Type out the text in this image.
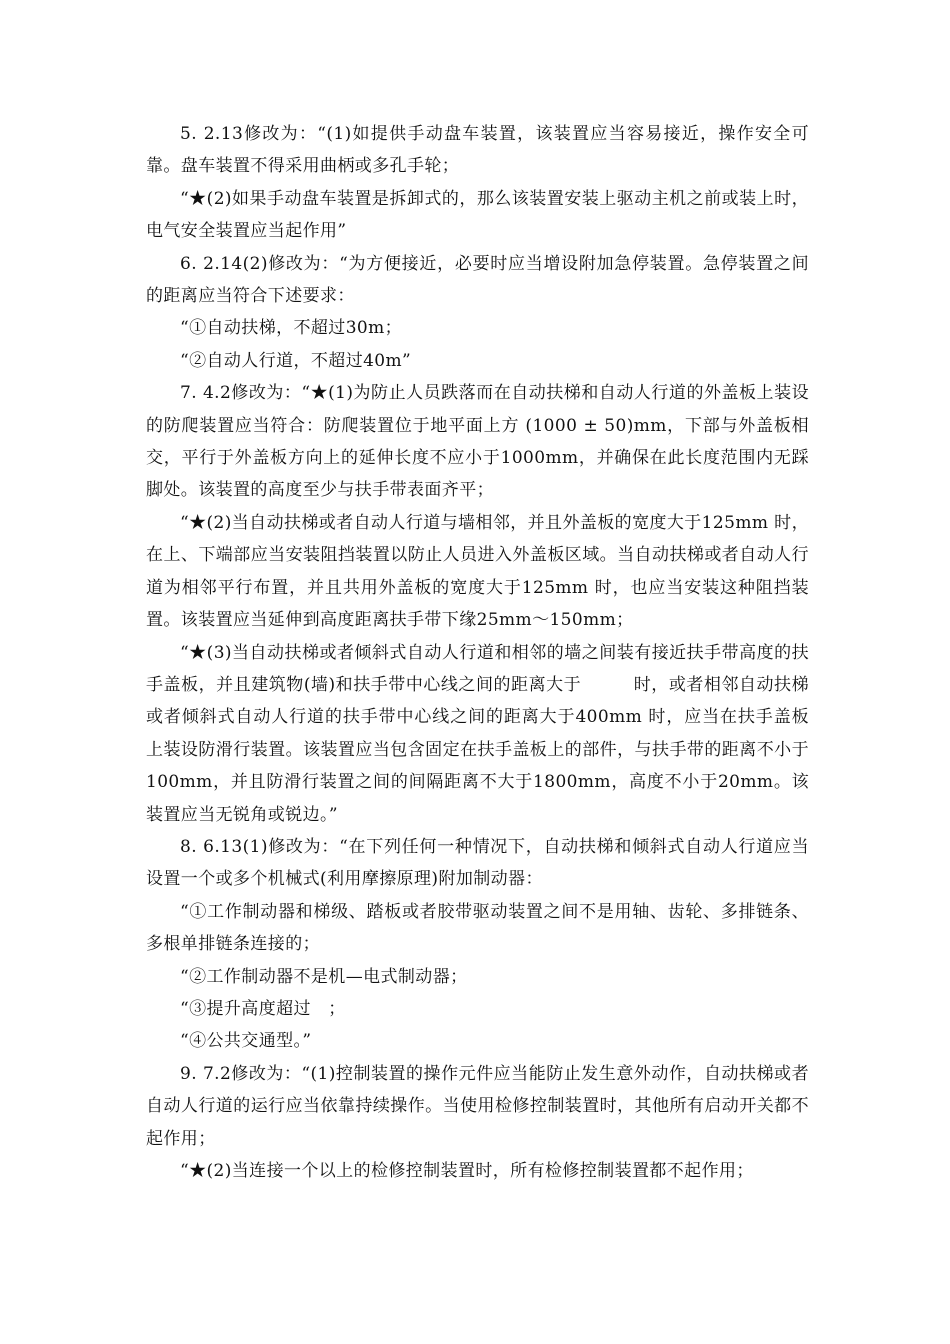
5. 2.13修改为：“(1)如提供手动盘车装置，该装置应当容易接近，操作安全可靠。盘车装置不得采用曲柄或多孔手轮；

“★(2)如果手动盘车装置是拆卸式的，那么该装置安装上驱动主机之前或装上时，电气安全装置应当起作用”

6. 2.14(2)修改为：“为方便接近，必要时应当增设附加急停装置。急停装置之间的距离应当符合下述要求：

“①自动扶梯，不超过30m；

“②自动人行道，不超过40m”

7. 4.2修改为：“★(1)为防止人员跌落而在自动扶梯和自动人行道的外盖板上装设的防爬装置应当符合：防爬装置位于地平面上方 (1000 ± 50)mm，下部与外盖板相交，平行于外盖板方向上的延伸长度不应小于1000mm，并确保在此长度范围内无踩脚处。该装置的高度至少与扶手带表面齐平；

“★(2)当自动扶梯或者自动人行道与墙相邻，并且外盖板的宽度大于125mm 时，在上、下端部应当安装阻挡装置以防止人员进入外盖板区域。当自动扶梯或者自动人行道为相邻平行布置，并且共用外盖板的宽度大于125mm 时，也应当安装这种阻挡装置。该装置应当延伸到高度距离扶手带下缘25mm～150mm；

“★(3)当自动扶梯或者倾斜式自动人行道和相邻的墙之间装有接近扶手带高度的扶手盖板，并且建筑物(墙)和扶手带中心线之间的距离大于　　　时，或者相邻自动扶梯或者倾斜式自动人行道的扶手带中心线之间的距离大于400mm 时，应当在扶手盖板上装设防滑行装置。该装置应当包含固定在扶手盖板上的部件，与扶手带的距离不小于100mm，并且防滑行装置之间的间隔距离不大于1800mm，高度不小于20mm。该装置应当无锐角或锐边。”

8. 6.13(1)修改为：“在下列任何一种情况下，自动扶梯和倾斜式自动人行道应当设置一个或多个机械式(利用摩擦原理)附加制动器：

“①工作制动器和梯级、踏板或者胶带驱动装置之间不是用轴、齿轮、多排链条、多根单排链条连接的；

“②工作制动器不是机—电式制动器；

“③提升高度超过　；

“④公共交通型。”

9. 7.2修改为：“(1)控制装置的操作元件应当能防止发生意外动作，自动扶梯或者自动人行道的运行应当依靠持续操作。当使用检修控制装置时，其他所有启动开关都不起作用；

“★(2)当连接一个以上的检修控制装置时，所有检修控制装置都不起作用；
